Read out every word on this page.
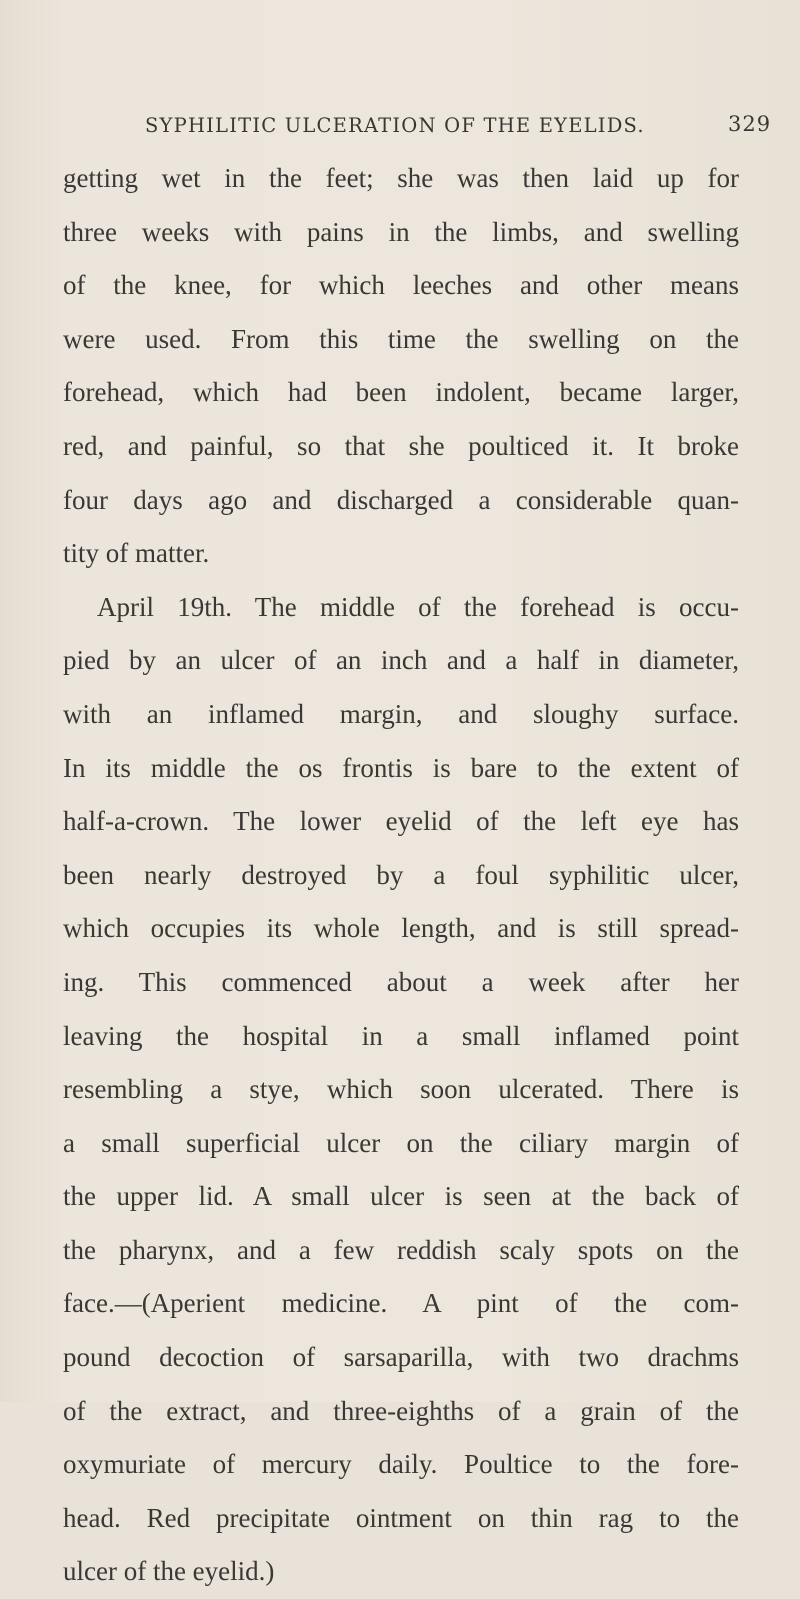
SYPHILITIC ULCERATION OF THE EYELIDS.	329
getting wet in the feet; she was then laid up for
three weeks with pains in the limbs, and swelling
of the knee, for which leeches and other means
were used. From this time the swelling on the
forehead, which had been indolent, became larger,
red, and painful, so that she poulticed it. It broke
four days ago and discharged a considerable quan-
tity of matter.
April 19th. The middle of the forehead is occu-
pied by an ulcer of an inch and a half in diameter,
with an inflamed margin, and sloughy surface.
In its middle the os frontis is bare to the extent of
half-a-crown. The lower eyelid of the left eye has
been nearly destroyed by a foul syphilitic ulcer,
which occupies its whole length, and is still spread-
ing. This commenced about a week after her
leaving the hospital in a small inflamed point
resembling a stye, which soon ulcerated. There is
a small superficial ulcer on the ciliary margin of
the upper lid. A small ulcer is seen at the back of
the pharynx, and a few reddish scaly spots on the
face.—(Aperient medicine. A pint of the com-
pound decoction of sarsaparilla, with two drachms
of the extract, and three-eighths of a grain of the
oxymuriate of mercury daily. Poultice to the fore-
head. Red precipitate ointment on thin rag to the
ulcer of the eyelid.)
